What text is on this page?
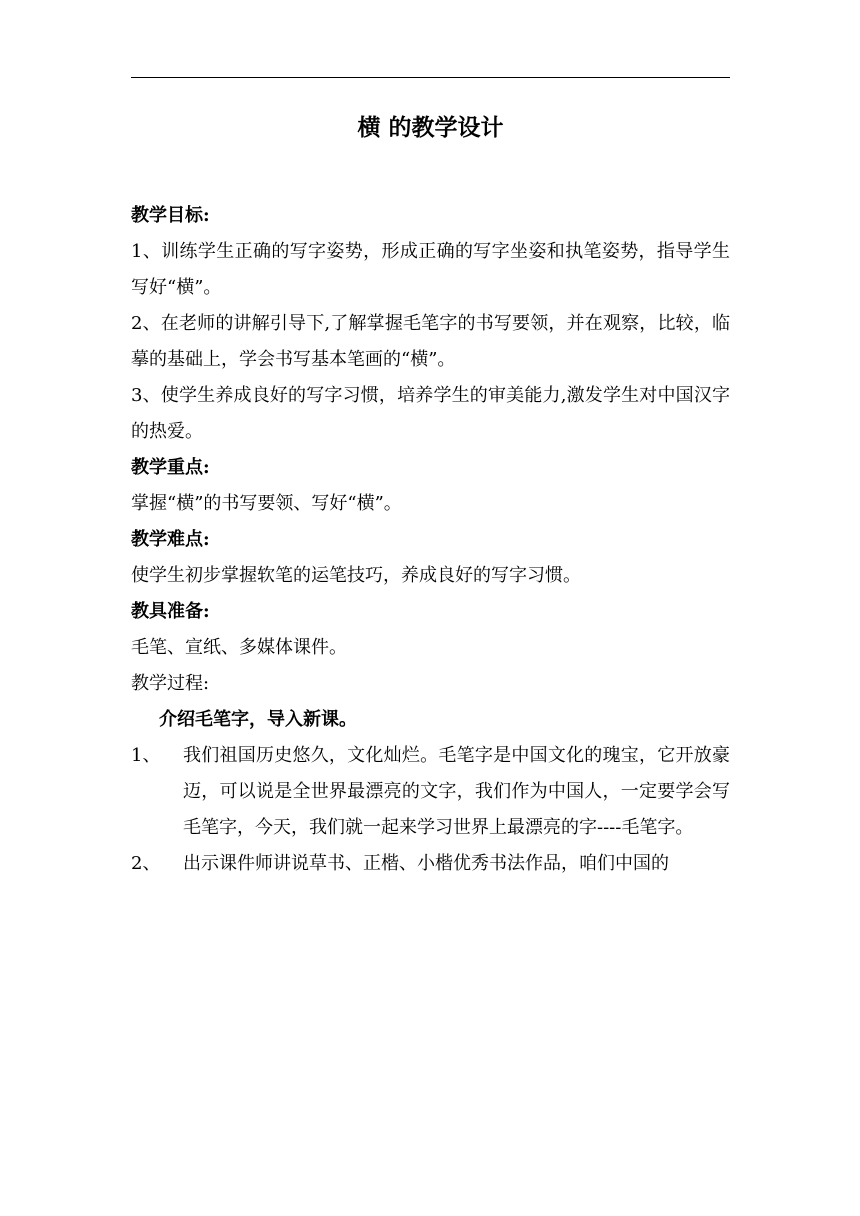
横 的教学设计

教学目标:

1、训练学生正确的写字姿势，形成正确的写字坐姿和执笔姿势，指导学生写好“横”。

2、在老师的讲解引导下,了解掌握毛笔字的书写要领，并在观察，比较，临摹的基础上，学会书写基本笔画的“横”。

3、使学生养成良好的写字习惯，培养学生的审美能力,激发学生对中国汉字的热爱。

教学重点:

掌握“横”的书写要领、写好“横”。

教学难点:

使学生初步掌握软笔的运笔技巧，养成良好的写字习惯。

教具准备:

毛笔、宣纸、多媒体课件。

教学过程:

介绍毛笔字，导入新课。

1、	我们祖国历史悠久，文化灿烂。毛笔字是中国文化的瑰宝，它开放豪迈，可以说是全世界最漂亮的文字，我们作为中国人，一定要学会写毛笔字，今天，我们就一起来学习世界上最漂亮的字----毛笔字。
2、	出示课件师讲说草书、正楷、小楷优秀书法作品，咱们中国的
